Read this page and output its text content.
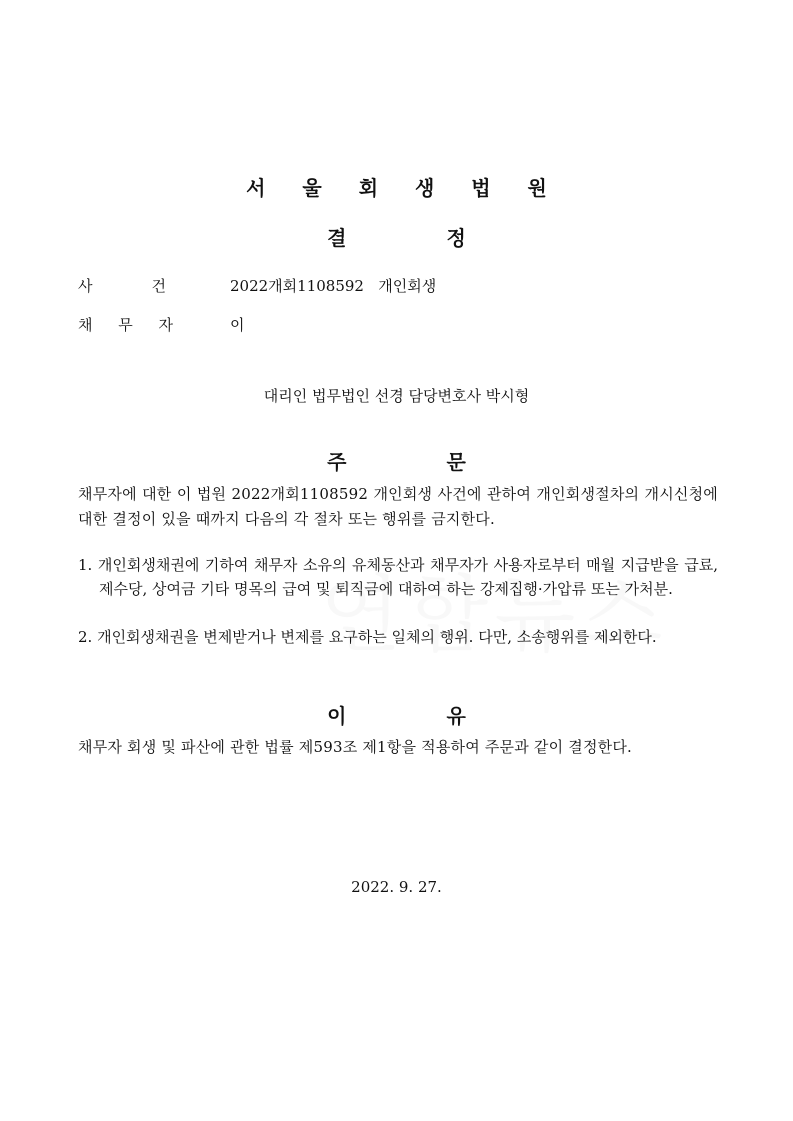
서 울 회 생 법 원
결	정
사	건	2022개회1108592 개인회생
채 무 자	이
대리인 법무법인 선경 담당변호사 박시형
주	문
채무자에 대한 이 법원 2022개회1108592 개인회생 사건에 관하여 개인회생절차의 개시신청에 대한 결정이 있을 때까지 다음의 각 절차 또는 행위를 금지한다.
1. 개인회생채권에 기하여 채무자 소유의 유체동산과 채무자가 사용자로부터 매월 지급받을 급료, 제수당, 상여금 기타 명목의 급여 및 퇴직금에 대하여 하는 강제집행·가압류 또는 가처분.
2. 개인회생채권을 변제받거나 변제를 요구하는 일체의 행위. 다만, 소송행위를 제외한다.
이	유
채무자 회생 및 파산에 관한 법률 제593조 제1항을 적용하여 주문과 같이 결정한다.
2022. 9. 27.
